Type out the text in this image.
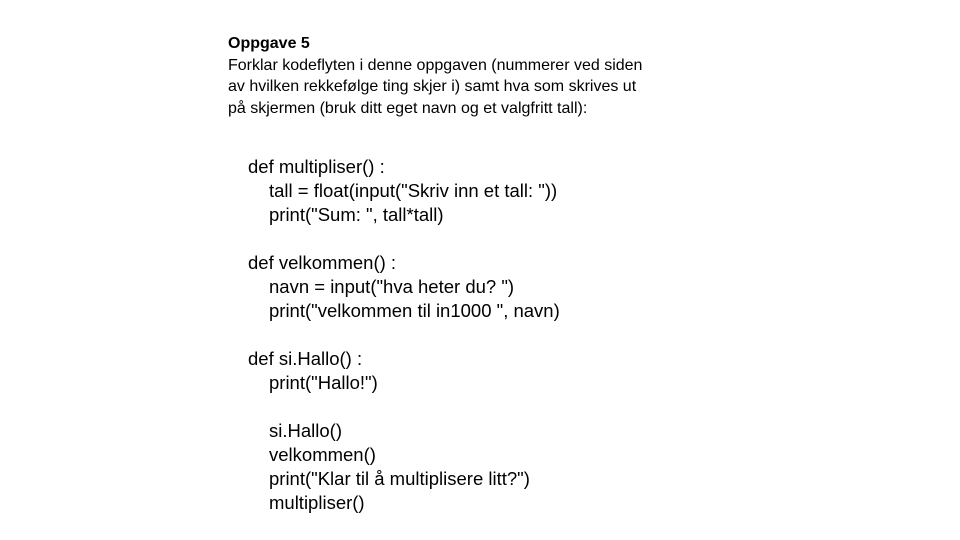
Oppgave 5
Forklar kodeflyten i denne oppgaven (nummerer ved siden
av hvilken rekkefølge ting skjer i) samt hva som skrives ut
på skjermen (bruk ditt eget navn og et valgfritt tall):
def multipliser() :
tall = float(input("Skriv inn et tall: "))
print("Sum: ", tall*tall)
def velkommen() :
navn = input("hva heter du? ")
print("velkommen til in1000 ", navn)
def si.Hallo() :
print("Hallo!")
si.Hallo()
velkommen()
print("Klar til å multiplisere litt?")
multipliser()
